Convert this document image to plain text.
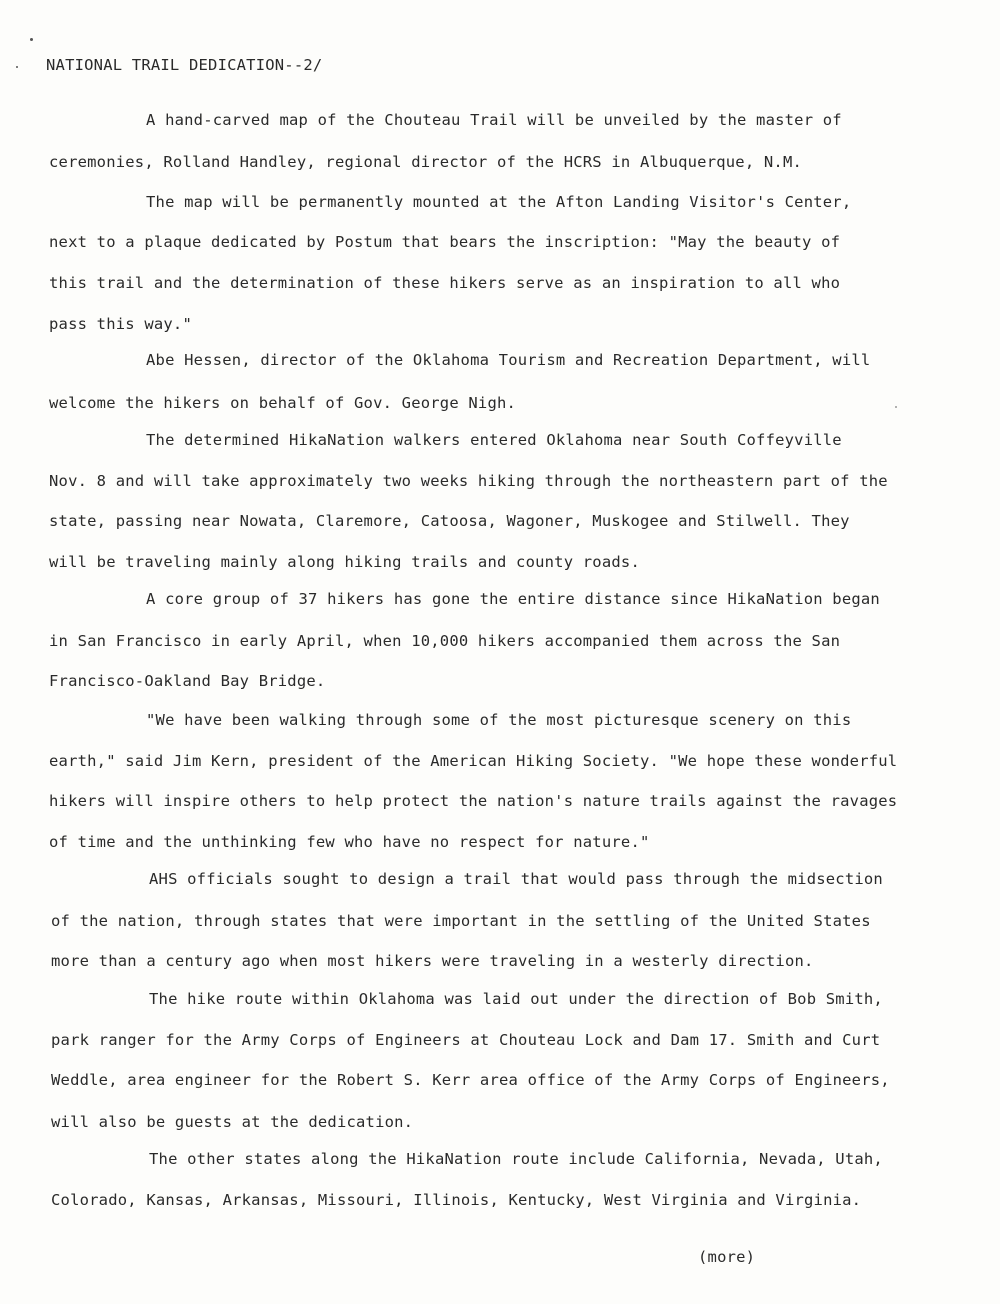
NATIONAL TRAIL DEDICATION--2/
A hand-carved map of the Chouteau Trail will be unveiled by the master of
ceremonies, Rolland Handley, regional director of the HCRS in Albuquerque, N.M.
The map will be permanently mounted at the Afton Landing Visitor's Center,
next to a plaque dedicated by Postum that bears the inscription: "May the beauty of
this trail and the determination of these hikers serve as an inspiration to all who
pass this way."
Abe Hessen, director of the Oklahoma Tourism and Recreation Department, will
welcome the hikers on behalf of Gov. George Nigh.
The determined HikaNation walkers entered Oklahoma near South Coffeyville
Nov. 8 and will take approximately two weeks hiking through the northeastern part of the
state, passing near Nowata, Claremore, Catoosa, Wagoner, Muskogee and Stilwell. They
will be traveling mainly along hiking trails and county roads.
A core group of 37 hikers has gone the entire distance since HikaNation began
in San Francisco in early April, when 10,000 hikers accompanied them across the San
Francisco-Oakland Bay Bridge.
"We have been walking through some of the most picturesque scenery on this
earth," said Jim Kern, president of the American Hiking Society. "We hope these wonderful
hikers will inspire others to help protect the nation's nature trails against the ravages
of time and the unthinking few who have no respect for nature."
AHS officials sought to design a trail that would pass through the midsection
of the nation, through states that were important in the settling of the United States
more than a century ago when most hikers were traveling in a westerly direction.
The hike route within Oklahoma was laid out under the direction of Bob Smith,
park ranger for the Army Corps of Engineers at Chouteau Lock and Dam 17. Smith and Curt
Weddle, area engineer for the Robert S. Kerr area office of the Army Corps of Engineers,
will also be guests at the dedication.
The other states along the HikaNation route include California, Nevada, Utah,
Colorado, Kansas, Arkansas, Missouri, Illinois, Kentucky, West Virginia and Virginia.
(more)
